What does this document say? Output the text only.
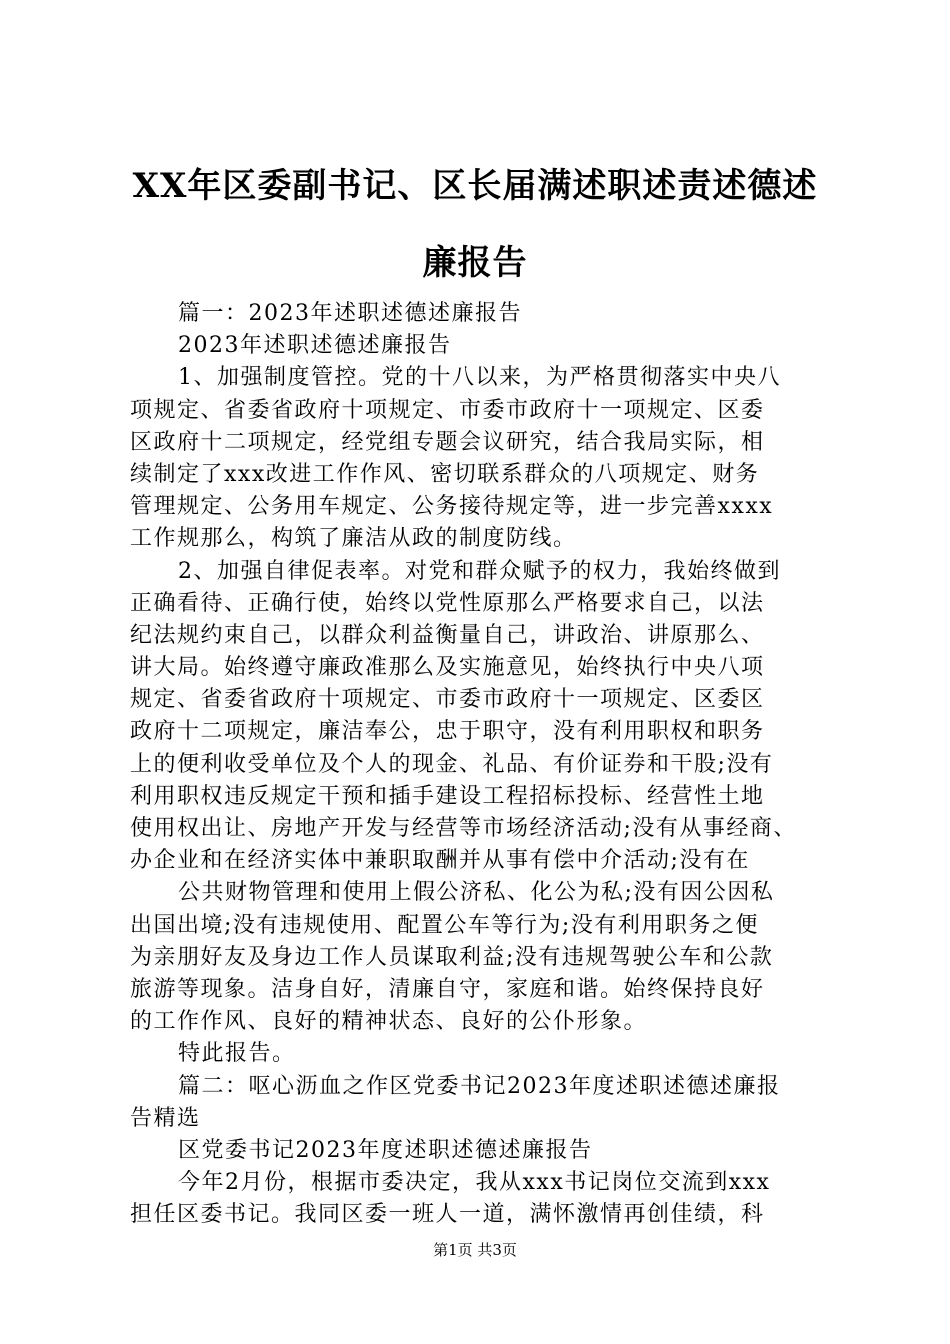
XX年区委副书记、区长届满述职述责述德述
廉报告
篇一：2023年述职述德述廉报告
2023年述职述德述廉报告
1、加强制度管控。党的十八以来，为严格贯彻落实中央八
项规定、省委省政府十项规定、市委市政府十一项规定、区委
区政府十二项规定，经党组专题会议研究，结合我局实际，相
续制定了xxx改进工作作风、密切联系群众的八项规定、财务
管理规定、公务用车规定、公务接待规定等，进一步完善xxxx
工作规那么，构筑了廉洁从政的制度防线。
2、加强自律促表率。对党和群众赋予的权力，我始终做到
正确看待、正确行使，始终以党性原那么严格要求自己，以法
纪法规约束自己，以群众利益衡量自己，讲政治、讲原那么、
讲大局。始终遵守廉政准那么及实施意见，始终执行中央八项
规定、省委省政府十项规定、市委市政府十一项规定、区委区
政府十二项规定，廉洁奉公，忠于职守，没有利用职权和职务
上的便利收受单位及个人的现金、礼品、有价证券和干股;没有
利用职权违反规定干预和插手建设工程招标投标、经营性土地
使用权出让、房地产开发与经营等市场经济活动;没有从事经商、
办企业和在经济实体中兼职取酬并从事有偿中介活动;没有在
公共财物管理和使用上假公济私、化公为私;没有因公因私
出国出境;没有违规使用、配置公车等行为;没有利用职务之便
为亲朋好友及身边工作人员谋取利益;没有违规驾驶公车和公款
旅游等现象。洁身自好，清廉自守，家庭和谐。始终保持良好
的工作作风、良好的精神状态、良好的公仆形象。
特此报告。
篇二：呕心沥血之作区党委书记2023年度述职述德述廉报
告精选
区党委书记2023年度述职述德述廉报告
今年2月份，根据市委决定，我从xxx书记岗位交流到xxx
担任区委书记。我同区委一班人一道，满怀激情再创佳绩，科
第1页 共3页
